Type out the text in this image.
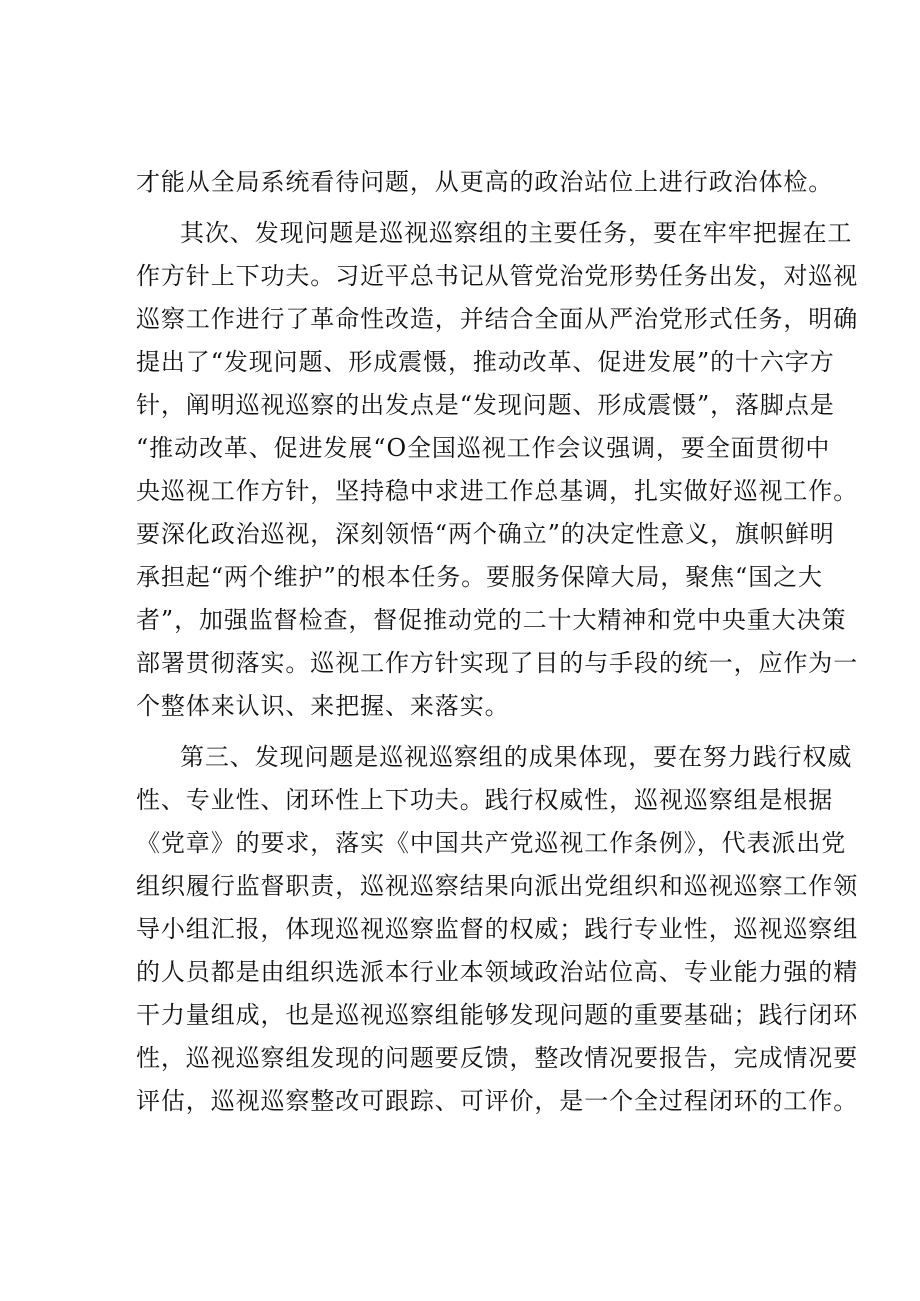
才能从全局系统看待问题，从更高的政治站位上进行政治体检。

其次、发现问题是巡视巡察组的主要任务，要在牢牢把握在工

作方针上下功夫。习近平总书记从管党治党形势任务出发，对巡视

巡察工作进行了革命性改造，并结合全面从严治党形式任务，明确

提出了“发现问题、形成震慑，推动改革、促进发展”的十六字方

针，阐明巡视巡察的出发点是“发现问题、形成震慑”，落脚点是

“推动改革、促进发展“O全国巡视工作会议强调，要全面贯彻中

央巡视工作方针，坚持稳中求进工作总基调，扎实做好巡视工作。

要深化政治巡视，深刻领悟“两个确立”的决定性意义，旗帜鲜明

承担起“两个维护”的根本任务。要服务保障大局，聚焦“国之大

者”，加强监督检查，督促推动党的二十大精神和党中央重大决策

部署贯彻落实。巡视工作方针实现了目的与手段的统一，应作为一

个整体来认识、来把握、来落实。

第三、发现问题是巡视巡察组的成果体现，要在努力践行权威

性、专业性、闭环性上下功夫。践行权威性，巡视巡察组是根据

《党章》的要求，落实《中国共产党巡视工作条例》，代表派出党

组织履行监督职责，巡视巡察结果向派出党组织和巡视巡察工作领

导小组汇报，体现巡视巡察监督的权威；践行专业性，巡视巡察组

的人员都是由组织选派本行业本领域政治站位高、专业能力强的精

干力量组成，也是巡视巡察组能够发现问题的重要基础；践行闭环

性，巡视巡察组发现的问题要反馈，整改情况要报告，完成情况要

评估，巡视巡察整改可跟踪、可评价，是一个全过程闭环的工作。
